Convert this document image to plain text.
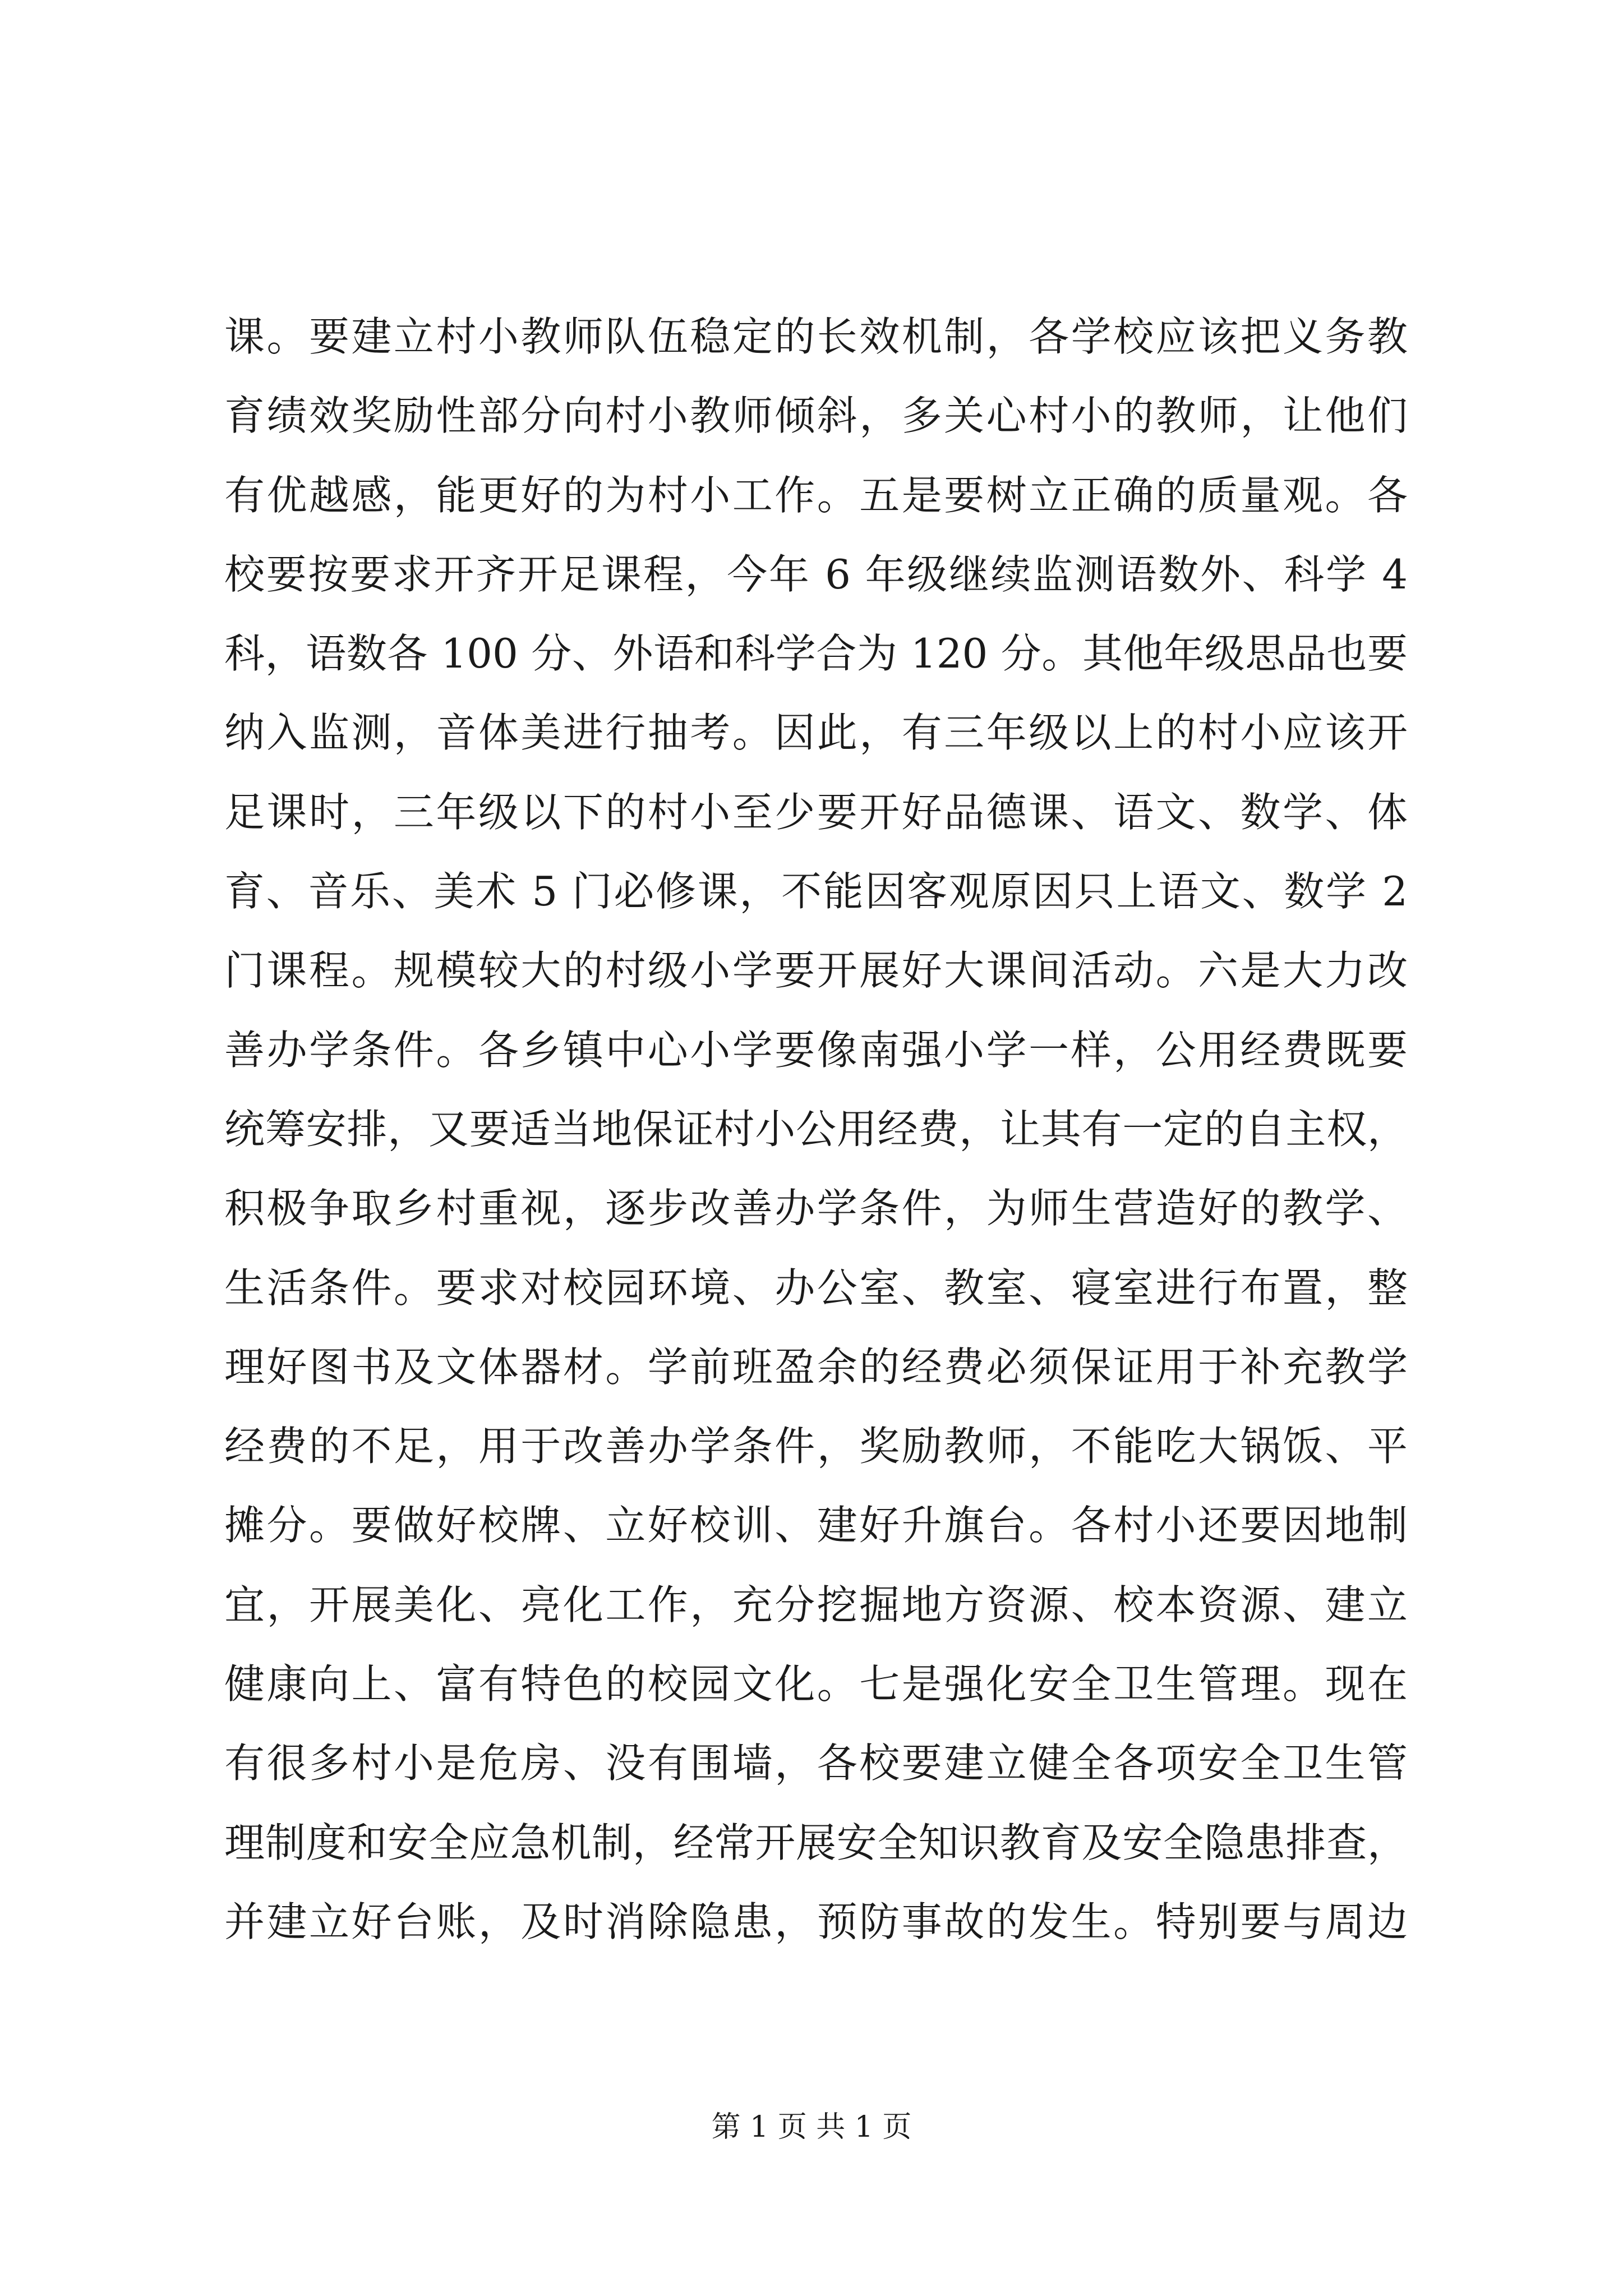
课。要建立村小教师队伍稳定的长效机制，各学校应该把义务教
育绩效奖励性部分向村小教师倾斜，多关心村小的教师，让他们
有优越感，能更好的为村小工作。五是要树立正确的质量观。各
校要按要求开齐开足课程，今年 6 年级继续监测语数外、科学 4
科，语数各 100 分、外语和科学合为 120 分。其他年级思品也要
纳入监测，音体美进行抽考。因此，有三年级以上的村小应该开
足课时，三年级以下的村小至少要开好品德课、语文、数学、体
育、音乐、美术 5 门必修课，不能因客观原因只上语文、数学 2
门课程。规模较大的村级小学要开展好大课间活动。六是大力改
善办学条件。各乡镇中心小学要像南强小学一样，公用经费既要
统筹安排，又要适当地保证村小公用经费，让其有一定的自主权，
积极争取乡村重视，逐步改善办学条件，为师生营造好的教学、
生活条件。要求对校园环境、办公室、教室、寝室进行布置，整
理好图书及文体器材。学前班盈余的经费必须保证用于补充教学
经费的不足，用于改善办学条件，奖励教师，不能吃大锅饭、平
摊分。要做好校牌、立好校训、建好升旗台。各村小还要因地制
宜，开展美化、亮化工作，充分挖掘地方资源、校本资源、建立
健康向上、富有特色的校园文化。七是强化安全卫生管理。现在
有很多村小是危房、没有围墙，各校要建立健全各项安全卫生管
理制度和安全应急机制，经常开展安全知识教育及安全隐患排查，
并建立好台账，及时消除隐患，预防事故的发生。特别要与周边
第 1 页 共 1 页
